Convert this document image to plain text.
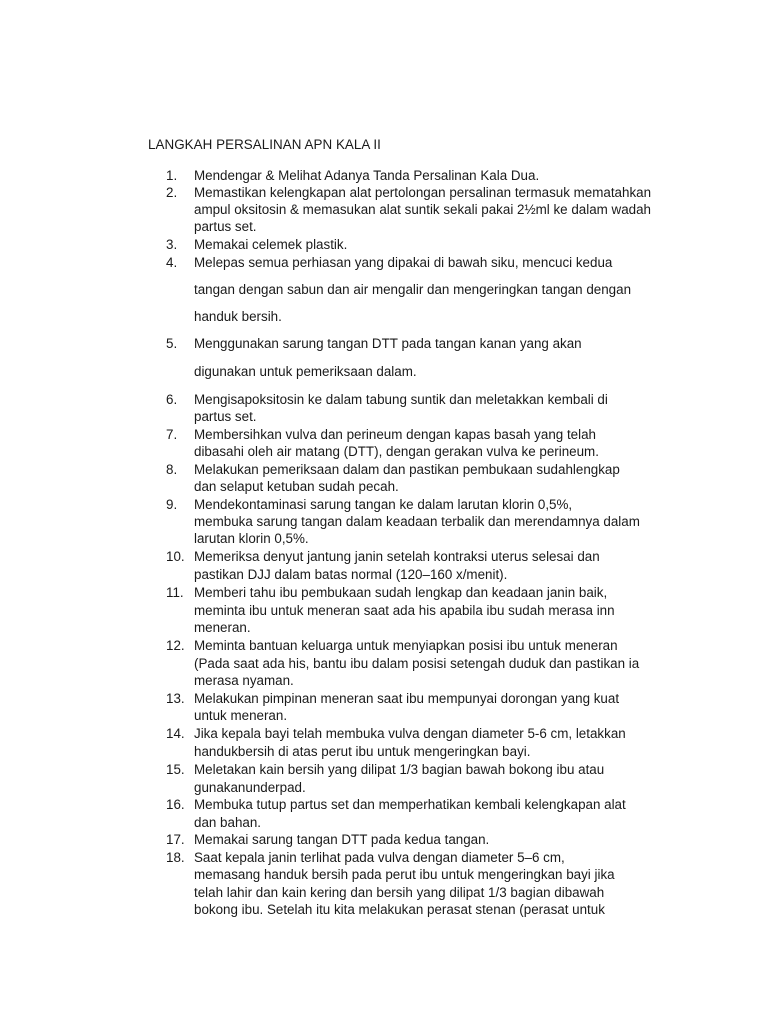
LANGKAH PERSALINAN APN KALA II
1. Mendengar & Melihat Adanya Tanda Persalinan Kala Dua.
2. Memastikan kelengkapan alat pertolongan persalinan termasuk mematahkan
ampul oksitosin & memasukan alat suntik sekali pakai 2½ml ke dalam wadah
partus set.
3. Memakai celemek plastik.
4. Melepas semua perhiasan yang dipakai di bawah siku, mencuci kedua
tangan dengan sabun dan air mengalir dan mengeringkan tangan dengan
handuk bersih.
5. Menggunakan sarung tangan DTT pada tangan kanan yang akan
digunakan untuk pemeriksaan dalam.
6. Mengisapoksitosin ke dalam tabung suntik dan meletakkan kembali di
partus set.
7. Membersihkan vulva dan perineum dengan kapas basah yang telah
dibasahi oleh air matang (DTT), dengan gerakan vulva ke perineum.
8. Melakukan pemeriksaan dalam dan pastikan pembukaan sudahlengkap
dan selaput ketuban sudah pecah.
9. Mendekontaminasi sarung tangan ke dalam larutan klorin 0,5%,
membuka sarung tangan dalam keadaan terbalik dan merendamnya dalam
larutan klorin 0,5%.
10. Memeriksa denyut jantung janin setelah kontraksi uterus selesai dan
pastikan DJJ dalam batas normal (120–160 x/menit).
11. Memberi tahu ibu pembukaan sudah lengkap dan keadaan janin baik,
meminta ibu untuk meneran saat ada his apabila ibu sudah merasa inn
meneran.
12. Meminta bantuan keluarga untuk menyiapkan posisi ibu untuk meneran
(Pada saat ada his, bantu ibu dalam posisi setengah duduk dan pastikan ia
merasa nyaman.
13. Melakukan pimpinan meneran saat ibu mempunyai dorongan yang kuat
untuk meneran.
14. Jika kepala bayi telah membuka vulva dengan diameter 5-6 cm, letakkan
handukbersih di atas perut ibu untuk mengeringkan bayi.
15. Meletakan kain bersih yang dilipat 1/3 bagian bawah bokong ibu atau
gunakanunderpad.
16. Membuka tutup partus set dan memperhatikan kembali kelengkapan alat
dan bahan.
17. Memakai sarung tangan DTT pada kedua tangan.
18. Saat kepala janin terlihat pada vulva dengan diameter 5–6 cm,
memasang handuk bersih pada perut ibu untuk mengeringkan bayi jika
telah lahir dan kain kering dan bersih yang dilipat 1/3 bagian dibawah
bokong ibu. Setelah itu kita melakukan perasat stenan (perasat untuk
